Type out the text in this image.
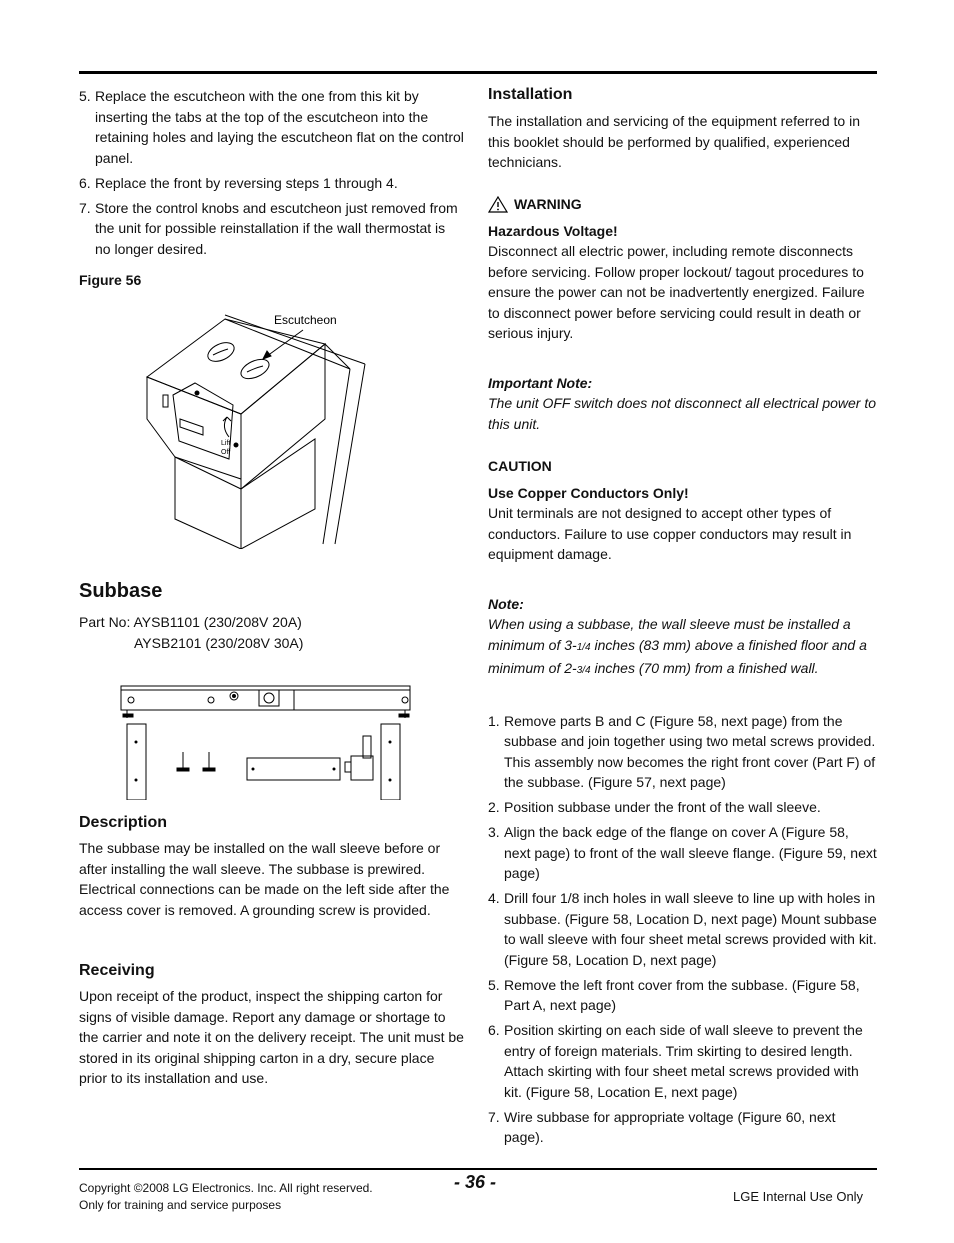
5. Replace the escutcheon with the one from this kit by inserting the tabs at the top of the escutcheon into the retaining holes and laying the escutcheon flat on the control panel.
6. Replace the front by reversing steps 1 through 4.
7. Store the control knobs and escutcheon just removed from the unit for possible reinstallation if the wall thermostat is no longer desired.
Figure 56
Escutcheon
Lift
Off
Subbase
Part No: AYSB1101 (230/208V 20A)
AYSB2101 (230/208V 30A)
Description

The subbase may be installed on the wall sleeve before or after installing the wall sleeve. The subbase is prewired. Electrical connections can be made on the left side after the access cover is removed. A grounding screw is provided.

Receiving

Upon receipt of the product, inspect the shipping carton for signs of visible damage. Report any damage or shortage to the carrier and note it on the delivery receipt. The unit must be stored in its original shipping carton in a dry, secure place prior to its installation and use.

Installation

The installation and servicing of the equipment referred to in this booklet should be performed by qualified, experienced technicians.

WARNING

Hazardous Voltage!

Disconnect all electric power, including remote disconnects before servicing. Follow proper lockout/ tagout procedures to ensure the power can not be inadvertently energized. Failure to disconnect power before servicing could result in death or serious injury.

Important Note:

The unit OFF switch does not disconnect all electrical power to this unit.

CAUTION

Use Copper Conductors Only!

Unit terminals are not designed to accept other types of conductors. Failure to use copper conductors may result in equipment damage.

Note:

When using a subbase, the wall sleeve must be installed a minimum of 3-1/4 inches (83 mm) above a finished floor and a minimum of 2-3/4 inches (70 mm) from a finished wall.

1. Remove parts B and C (Figure 58, next page) from the subbase and join together using two metal screws provided. This assembly now becomes the right front cover (Part F) of the subbase. (Figure 57, next page)
2. Position subbase under the front of the wall sleeve.
3. Align the back edge of the flange on cover A (Figure 58, next page) to front of the wall sleeve flange. (Figure 59, next page)
4. Drill four 1/8 inch holes in wall sleeve to line up with holes in subbase. (Figure 58, Location D, next page) Mount subbase to wall sleeve with four sheet metal screws provided with kit. (Figure 58, Location D, next page)
5. Remove the left front cover from the subbase. (Figure 58, Part A, next page)
6. Position skirting on each side of wall sleeve to prevent the entry of foreign materials. Trim skirting to desired length. Attach skirting with four sheet metal screws provided with kit. (Figure 58, Location E, next page)
7. Wire subbase for appropriate voltage (Figure 60, next page).
Copyright ©2008 LG Electronics. Inc. All right reserved.
Only for training and service purposes
- 36 -
LGE Internal Use Only
